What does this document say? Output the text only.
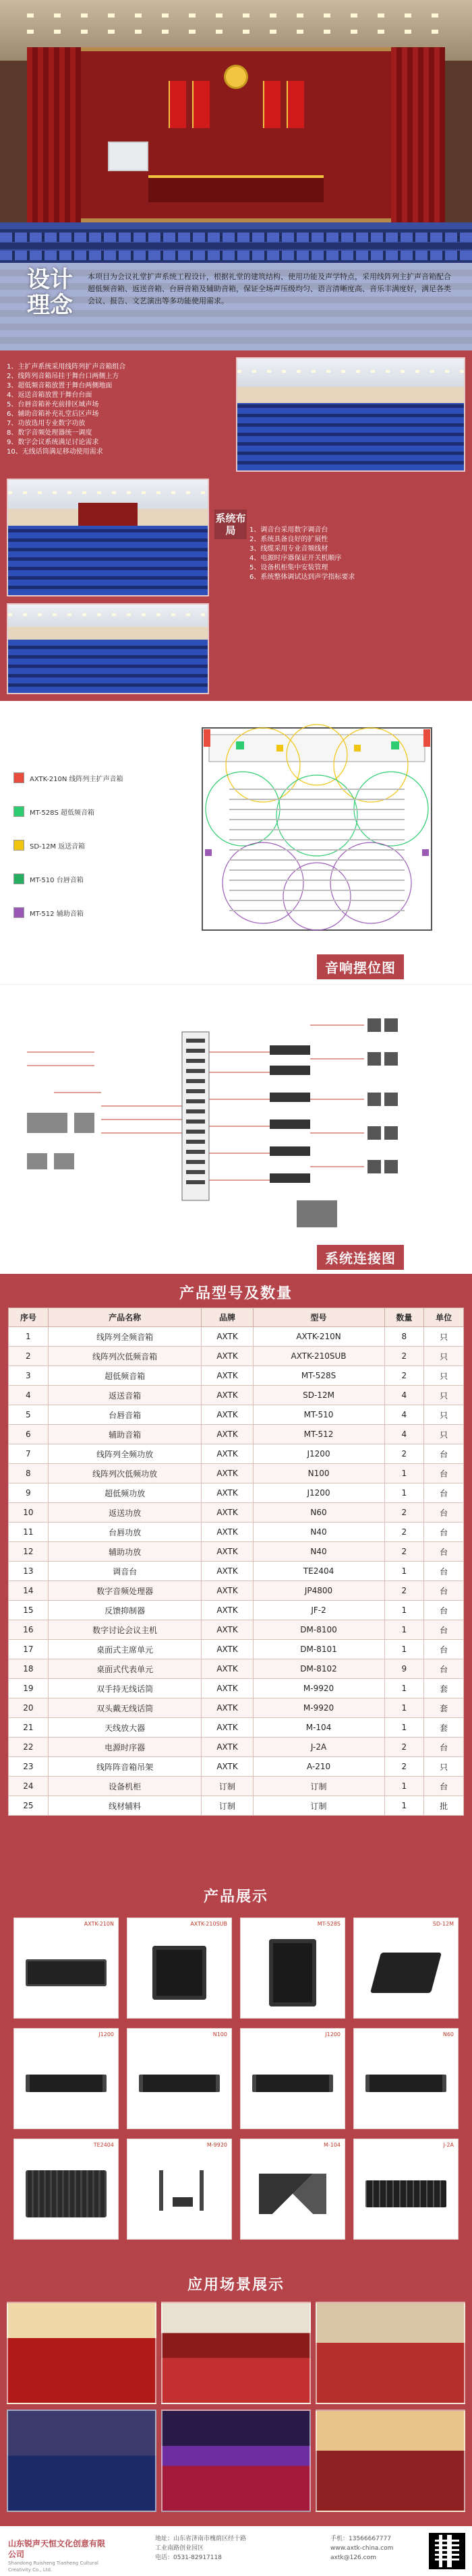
设计理念
本项目为会议礼堂扩声系统工程设计，根据礼堂的建筑结构、使用功能及声学特点，采用线阵列主扩声音箱配合超低频音箱、返送音箱、台唇音箱及辅助音箱，保证全场声压级均匀、语言清晰度高、音乐丰满度好，满足各类会议、报告、文艺演出等多功能使用需求。
1、主扩声系统采用线阵列扩声音箱组合
2、线阵列音箱吊挂于舞台口两侧上方
3、超低频音箱放置于舞台两侧地面
4、返送音箱放置于舞台台面
5、台唇音箱补充前排区域声场
6、辅助音箱补充礼堂后区声场
7、功放选用专业数字功放
8、数字音频处理器统一调度
9、数字会议系统满足讨论需求
10、无线话筒满足移动使用需求
系统布局	1、调音台采用数字调音台
2、系统具备良好的扩展性
3、线缆采用专业音频线材
4、电源时序器保证开关机顺序
5、设备机柜集中安装管理
6、系统整体调试达到声学指标要求
AXTK-210N 线阵列主扩声音箱
MT-528S 超低频音箱
SD-12M 返送音箱
MT-510 台唇音箱
MT-512 辅助音箱
音响摆位图
系统连接图
产品型号及数量
序号	产品名称	品牌	型号	数量	单位
1	线阵列全频音箱	AXTK	AXTK-210N	8	只
2	线阵列次低频音箱	AXTK	AXTK-210SUB	2	只
3	超低频音箱	AXTK	MT-528S	2	只
4	返送音箱	AXTK	SD-12M	4	只
5	台唇音箱	AXTK	MT-510	4	只
6	辅助音箱	AXTK	MT-512	4	只
7	线阵列全频功放	AXTK	J1200	2	台
8	线阵列次低频功放	AXTK	N100	1	台
9	超低频功放	AXTK	J1200	1	台
10	返送功放	AXTK	N60	2	台
11	台唇功放	AXTK	N40	2	台
12	辅助功放	AXTK	N40	2	台
13	调音台	AXTK	TE2404	1	台
14	数字音频处理器	AXTK	JP4800	2	台
15	反馈抑制器	AXTK	JF-2	1	台
16	数字讨论会议主机	AXTK	DM-8100	1	台
17	桌面式主席单元	AXTK	DM-8101	1	台
18	桌面式代表单元	AXTK	DM-8102	9	台
19	双手持无线话筒	AXTK	M-9920	1	套
20	双头戴无线话筒	AXTK	M-9920	1	套
21	天线放大器	AXTK	M-104	1	套
22	电源时序器	AXTK	J-2A	2	台
23	线阵阵音箱吊架	AXTK	A-210	2	只
24	设备机柜	订制	订制	1	台
25	线材辅料	订制	订制	1	批
产品展示
AXTK-210N	AXTK-210SUB	MT-528S	SD-12M
J1200	N100	J1200	N60
TE2404	M-9920	M-104	J-2A
应用场景展示
山东锐声天恒文化创意有限公司
Shandong Ruisheng Tianheng Cultural Creativity Co., Ltd.
地址：山东省济南市槐荫区经十路
工业南路创业园区
电话：0531-82917118
手机：13566667777
www.axtk-china.com
axtk@126.com
